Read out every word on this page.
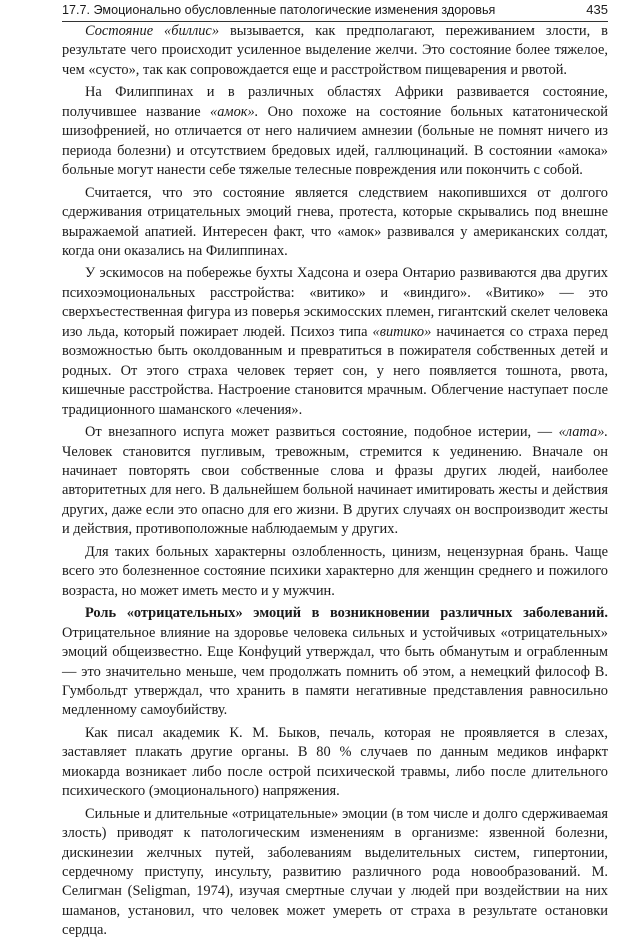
17.7. Эмоционально обусловленные патологические изменения здоровья	435

Состояние «биллис» вызывается, как предполагают, переживанием злости, в результате чего происходит усиленное выделение желчи. Это состояние более тяжелое, чем «сусто», так как сопровождается еще и расстройством пищеварения и рвотой.

На Филиппинах и в различных областях Африки развивается состояние, получившее название «амок». Оно похоже на состояние больных кататонической шизофренией, но отличается от него наличием амнезии (больные не помнят ничего из периода болезни) и отсутствием бредовых идей, галлюцинаций. В состоянии «амока» больные могут нанести себе тяжелые телесные повреждения или покончить с собой.

Считается, что это состояние является следствием накопившихся от долгого сдерживания отрицательных эмоций гнева, протеста, которые скрывались под внешне выражаемой апатией. Интересен факт, что «амок» развивался у американских солдат, когда они оказались на Филиппинах.

У эскимосов на побережье бухты Хадсона и озера Онтарио развиваются два других психоэмоциональных расстройства: «витико» и «виндиго». «Витико» — это сверхъестественная фигура из поверья эскимосских племен, гигантский скелет человека изо льда, который пожирает людей. Психоз типа «витико» начинается со страха перед возможностью быть околдованным и превратиться в пожирателя собственных детей и родных. От этого страха человек теряет сон, у него появляется тошнота, рвота, кишечные расстройства. Настроение становится мрачным. Облегчение наступает после традиционного шаманского «лечения».

От внезапного испуга может развиться состояние, подобное истерии, — «лата». Человек становится пугливым, тревожным, стремится к уединению. Вначале он начинает повторять свои собственные слова и фразы других людей, наиболее авторитетных для него. В дальнейшем больной начинает имитировать жесты и действия других, даже если это опасно для его жизни. В других случаях он воспроизводит жесты и действия, противоположные наблюдаемым у других.

Для таких больных характерны озлобленность, цинизм, нецензурная брань. Чаще всего это болезненное состояние психики характерно для женщин среднего и пожилого возраста, но может иметь место и у мужчин.

Роль «отрицательных» эмоций в возникновении различных заболеваний. Отрицательное влияние на здоровье человека сильных и устойчивых «отрицательных» эмоций общеизвестно. Еще Конфуций утверждал, что быть обманутым и ограбленным — это значительно меньше, чем продолжать помнить об этом, а немецкий философ В. Гумбольдт утверждал, что хранить в памяти негативные представления равносильно медленному самоубийству.

Как писал академик К. М. Быков, печаль, которая не проявляется в слезах, заставляет плакать другие органы. В 80 % случаев по данным медиков инфаркт миокарда возникает либо после острой психической травмы, либо после длительного психического (эмоционального) напряжения.

Сильные и длительные «отрицательные» эмоции (в том числе и долго сдерживаемая злость) приводят к патологическим изменениям в организме: язвенной болезни, дискинезии желчных путей, заболеваниям выделительных систем, гипертонии, сердечному приступу, инсульту, развитию различного рода новообразований. М. Селигман (Seligman, 1974), изучая смертные случаи у людей при воздействии на них шаманов, установил, что человек может умереть от страха в результате остановки сердца.
